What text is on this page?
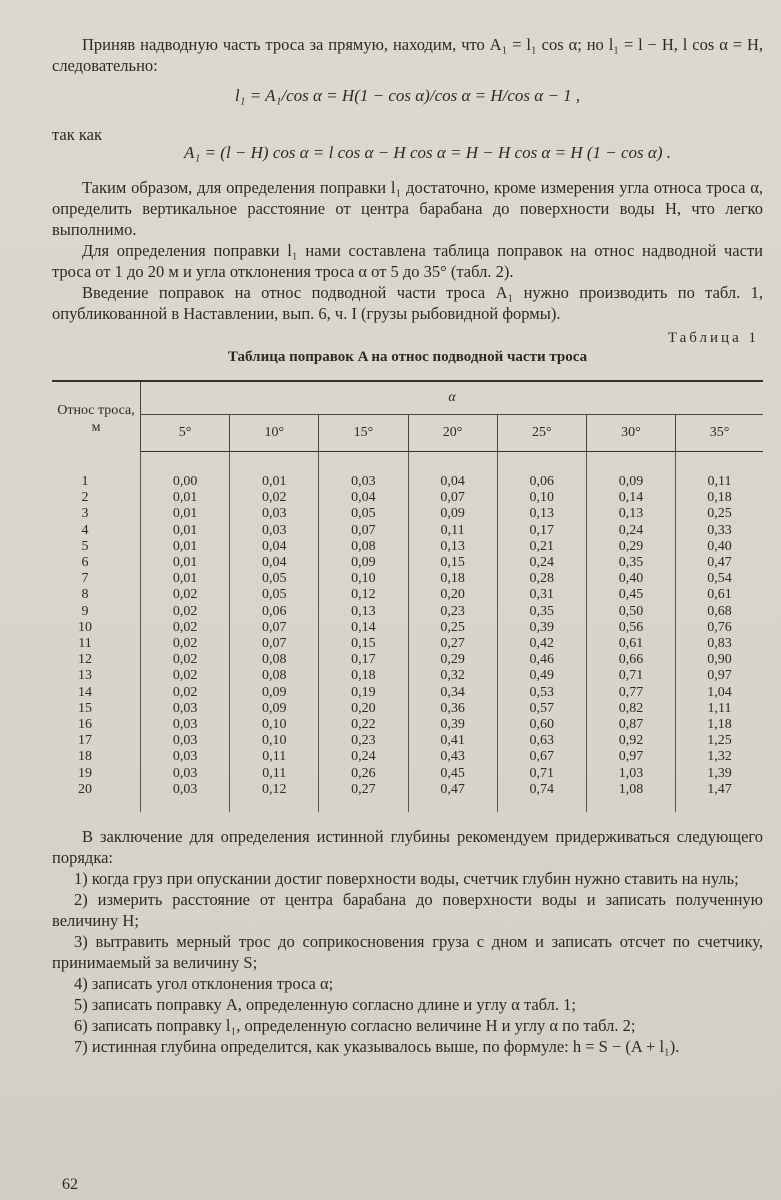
Приняв надводную часть троса за прямую, находим, что A₁ = l₁ cos α; но l₁ = l − H, l cos α = H, следовательно:

l₁ = A₁/cos α = H(1 − cos α)/cos α = H/cos α − 1 ,

так как

A₁ = (l − H) cos α = l cos α − H cos α = H − H cos α = H (1 − cos α) .

Таким образом, для определения поправки l₁ достаточно, кроме измерения угла относа троса α, определить вертикальное расстояние от центра барабана до поверхности воды H, что легко выполнимо.

Для определения поправки l₁ нами составлена таблица поправок на относ надводной части троса от 1 до 20 м и угла отклонения троса α от 5 до 35° (табл. 2).

Введение поправок на относ подводной части троса A₁ нужно производить по табл. 1, опубликованной в Наставлении, вып. 6, ч. I (грузы рыбовидной формы).

Таблица 1

Таблица поправок A на относ подводной части троса

Относ троса, м	α						
	5°	10°	15°	20°	25°	30°	35°

1	0,00	0,01	0,03	0,04	0,06	0,09	0,11
2	0,01	0,02	0,04	0,07	0,10	0,14	0,18
3	0,01	0,03	0,05	0,09	0,13	0,13	0,25
4	0,01	0,03	0,07	0,11	0,17	0,24	0,33
5	0,01	0,04	0,08	0,13	0,21	0,29	0,40
6	0,01	0,04	0,09	0,15	0,24	0,35	0,47
7	0,01	0,05	0,10	0,18	0,28	0,40	0,54
8	0,02	0,05	0,12	0,20	0,31	0,45	0,61
9	0,02	0,06	0,13	0,23	0,35	0,50	0,68
10	0,02	0,07	0,14	0,25	0,39	0,56	0,76
11	0,02	0,07	0,15	0,27	0,42	0,61	0,83
12	0,02	0,08	0,17	0,29	0,46	0,66	0,90
13	0,02	0,08	0,18	0,32	0,49	0,71	0,97
14	0,02	0,09	0,19	0,34	0,53	0,77	1,04
15	0,03	0,09	0,20	0,36	0,57	0,82	1,11
16	0,03	0,10	0,22	0,39	0,60	0,87	1,18
17	0,03	0,10	0,23	0,41	0,63	0,92	1,25
18	0,03	0,11	0,24	0,43	0,67	0,97	1,32
19	0,03	0,11	0,26	0,45	0,71	1,03	1,39
20	0,03	0,12	0,27	0,47	0,74	1,08	1,47

В заключение для определения истинной глубины рекомендуем придерживаться следующего порядка:

1) когда груз при опускании достиг поверхности воды, счетчик глубин нужно ставить на нуль;

2) измерить расстояние от центра барабана до поверхности воды и записать полученную величину H;

3) вытравить мерный трос до соприкосновения груза с дном и записать отсчет по счетчику, принимаемый за величину S;

4) записать угол отклонения троса α;

5) записать поправку A, определенную согласно длине и углу α табл. 1;

6) записать поправку l₁, определенную согласно величине H и углу α по табл. 2;

7) истинная глубина определится, как указывалось выше, по формуле: h = S − (A + l₁).

62
